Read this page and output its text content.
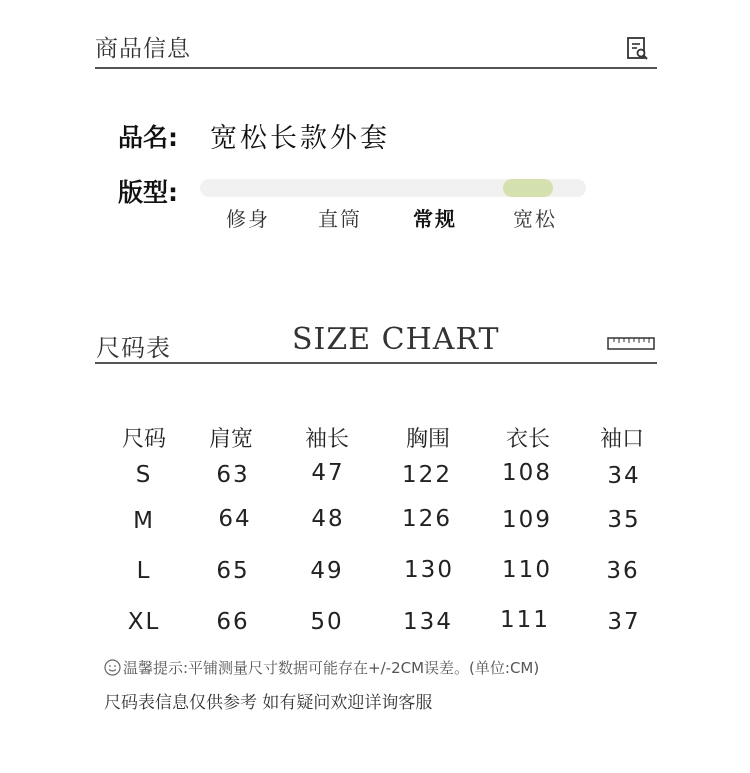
商品信息
品名: 宽松长款外套
版型:
修身 直筒	常规	宽松
尺码表	SIZE CHART
尺码	肩宽	袖长	胸围	衣长	袖口
S	63	47	122	108	34
M	64	48	126	109	35
L	65	49	130	110	36
XL	66	50	134	111	37
温馨提示:平铺测量尺寸数据可能存在+/-2CM误差。(单位:CM)
尺码表信息仅供参考 如有疑问欢迎详询客服
